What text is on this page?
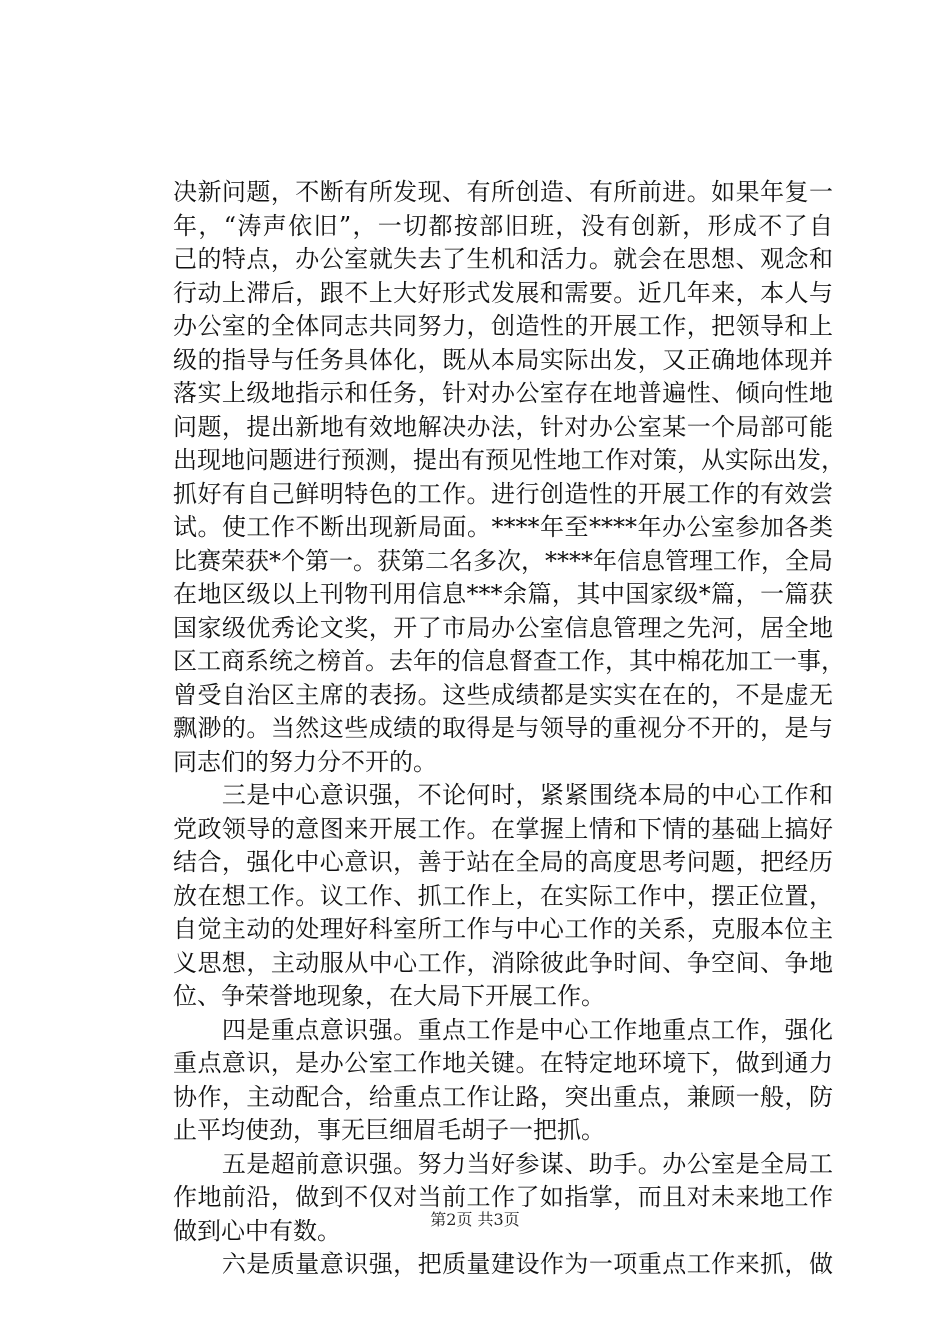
决新问题，不断有所发现、有所创造、有所前进。如果年复一
年，“涛声依旧”，一切都按部旧班，没有创新，形成不了自
己的特点，办公室就失去了生机和活力。就会在思想、观念和
行动上滞后，跟不上大好形式发展和需要。近几年来，本人与
办公室的全体同志共同努力，创造性的开展工作，把领导和上
级的指导与任务具体化，既从本局实际出发，又正确地体现并
落实上级地指示和任务，针对办公室存在地普遍性、倾向性地
问题，提出新地有效地解决办法，针对办公室某一个局部可能
出现地问题进行预测，提出有预见性地工作对策，从实际出发，
抓好有自己鲜明特色的工作。进行创造性的开展工作的有效尝
试。使工作不断出现新局面。****年至****年办公室参加各类
比赛荣获*个第一。获第二名多次，****年信息管理工作，全局
在地区级以上刊物刊用信息***余篇，其中国家级*篇，一篇获
国家级优秀论文奖，开了市局办公室信息管理之先河，居全地
区工商系统之榜首。去年的信息督查工作，其中棉花加工一事，
曾受自治区主席的表扬。这些成绩都是实实在在的，不是虚无
飘渺的。当然这些成绩的取得是与领导的重视分不开的，是与
同志们的努力分不开的。
　　三是中心意识强，不论何时，紧紧围绕本局的中心工作和
党政领导的意图来开展工作。在掌握上情和下情的基础上搞好
结合，强化中心意识，善于站在全局的高度思考问题，把经历
放在想工作。议工作、抓工作上，在实际工作中，摆正位置，
自觉主动的处理好科室所工作与中心工作的关系，克服本位主
义思想，主动服从中心工作，消除彼此争时间、争空间、争地
位、争荣誉地现象，在大局下开展工作。
　　四是重点意识强。重点工作是中心工作地重点工作，强化
重点意识，是办公室工作地关键。在特定地环境下，做到通力
协作，主动配合，给重点工作让路，突出重点，兼顾一般，防
止平均使劲，事无巨细眉毛胡子一把抓。
　　五是超前意识强。努力当好参谋、助手。办公室是全局工
作地前沿，做到不仅对当前工作了如指掌，而且对未来地工作
做到心中有数。
　　六是质量意识强，把质量建设作为一项重点工作来抓，做
第2页 共3页
